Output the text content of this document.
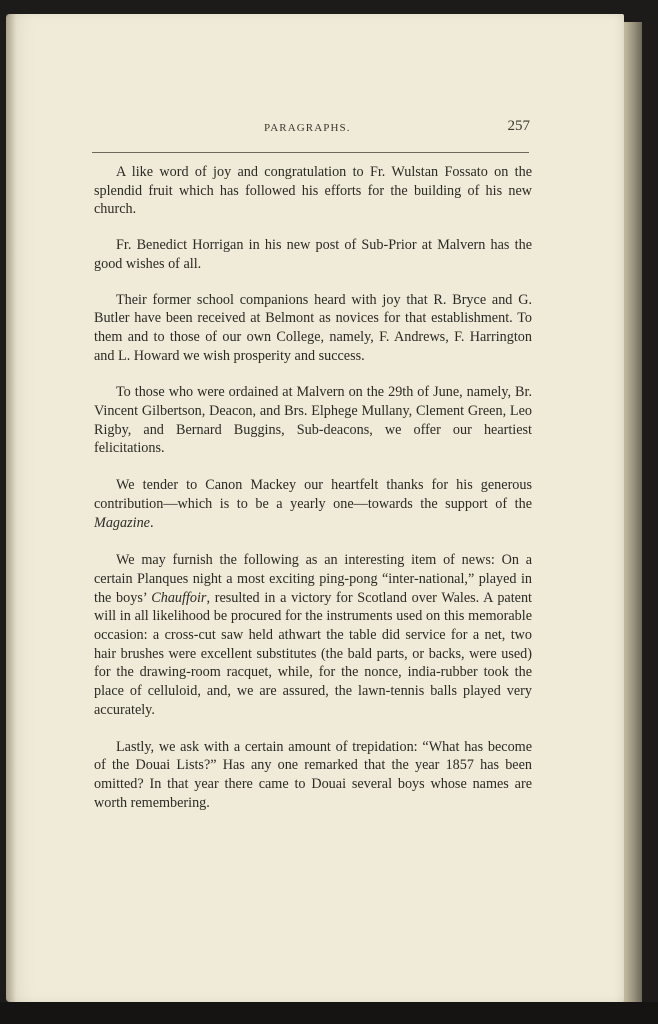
PARAGRAPHS.	257

A like word of joy and congratulation to Fr. Wulstan Fossato on the splendid fruit which has followed his efforts for the building of his new church.

Fr. Benedict Horrigan in his new post of Sub-Prior at Malvern has the good wishes of all.

Their former school companions heard with joy that R. Bryce and G. Butler have been received at Belmont as novices for that establishment. To them and to those of our own College, namely, F. Andrews, F. Harrington and L. Howard we wish prosperity and success.

To those who were ordained at Malvern on the 29th of June, namely, Br. Vincent Gilbertson, Deacon, and Brs. Elphege Mullany, Clement Green, Leo Rigby, and Bernard Buggins, Sub-deacons, we offer our heartiest felicitations.

We tender to Canon Mackey our heartfelt thanks for his generous contribution—which is to be a yearly one—towards the support of the Magazine.

We may furnish the following as an interesting item of news: On a certain Planques night a most exciting ping-pong “inter-national,” played in the boys’ Chauffoir, resulted in a victory for Scotland over Wales. A patent will in all likelihood be procured for the instruments used on this memorable occasion: a cross-cut saw held athwart the table did service for a net, two hair brushes were excellent substitutes (the bald parts, or backs, were used) for the drawing-room racquet, while, for the nonce, india-rubber took the place of celluloid, and, we are assured, the lawn-tennis balls played very accurately.

Lastly, we ask with a certain amount of trepidation: “What has become of the Douai Lists?” Has any one remarked that the year 1857 has been omitted? In that year there came to Douai several boys whose names are worth remembering.
